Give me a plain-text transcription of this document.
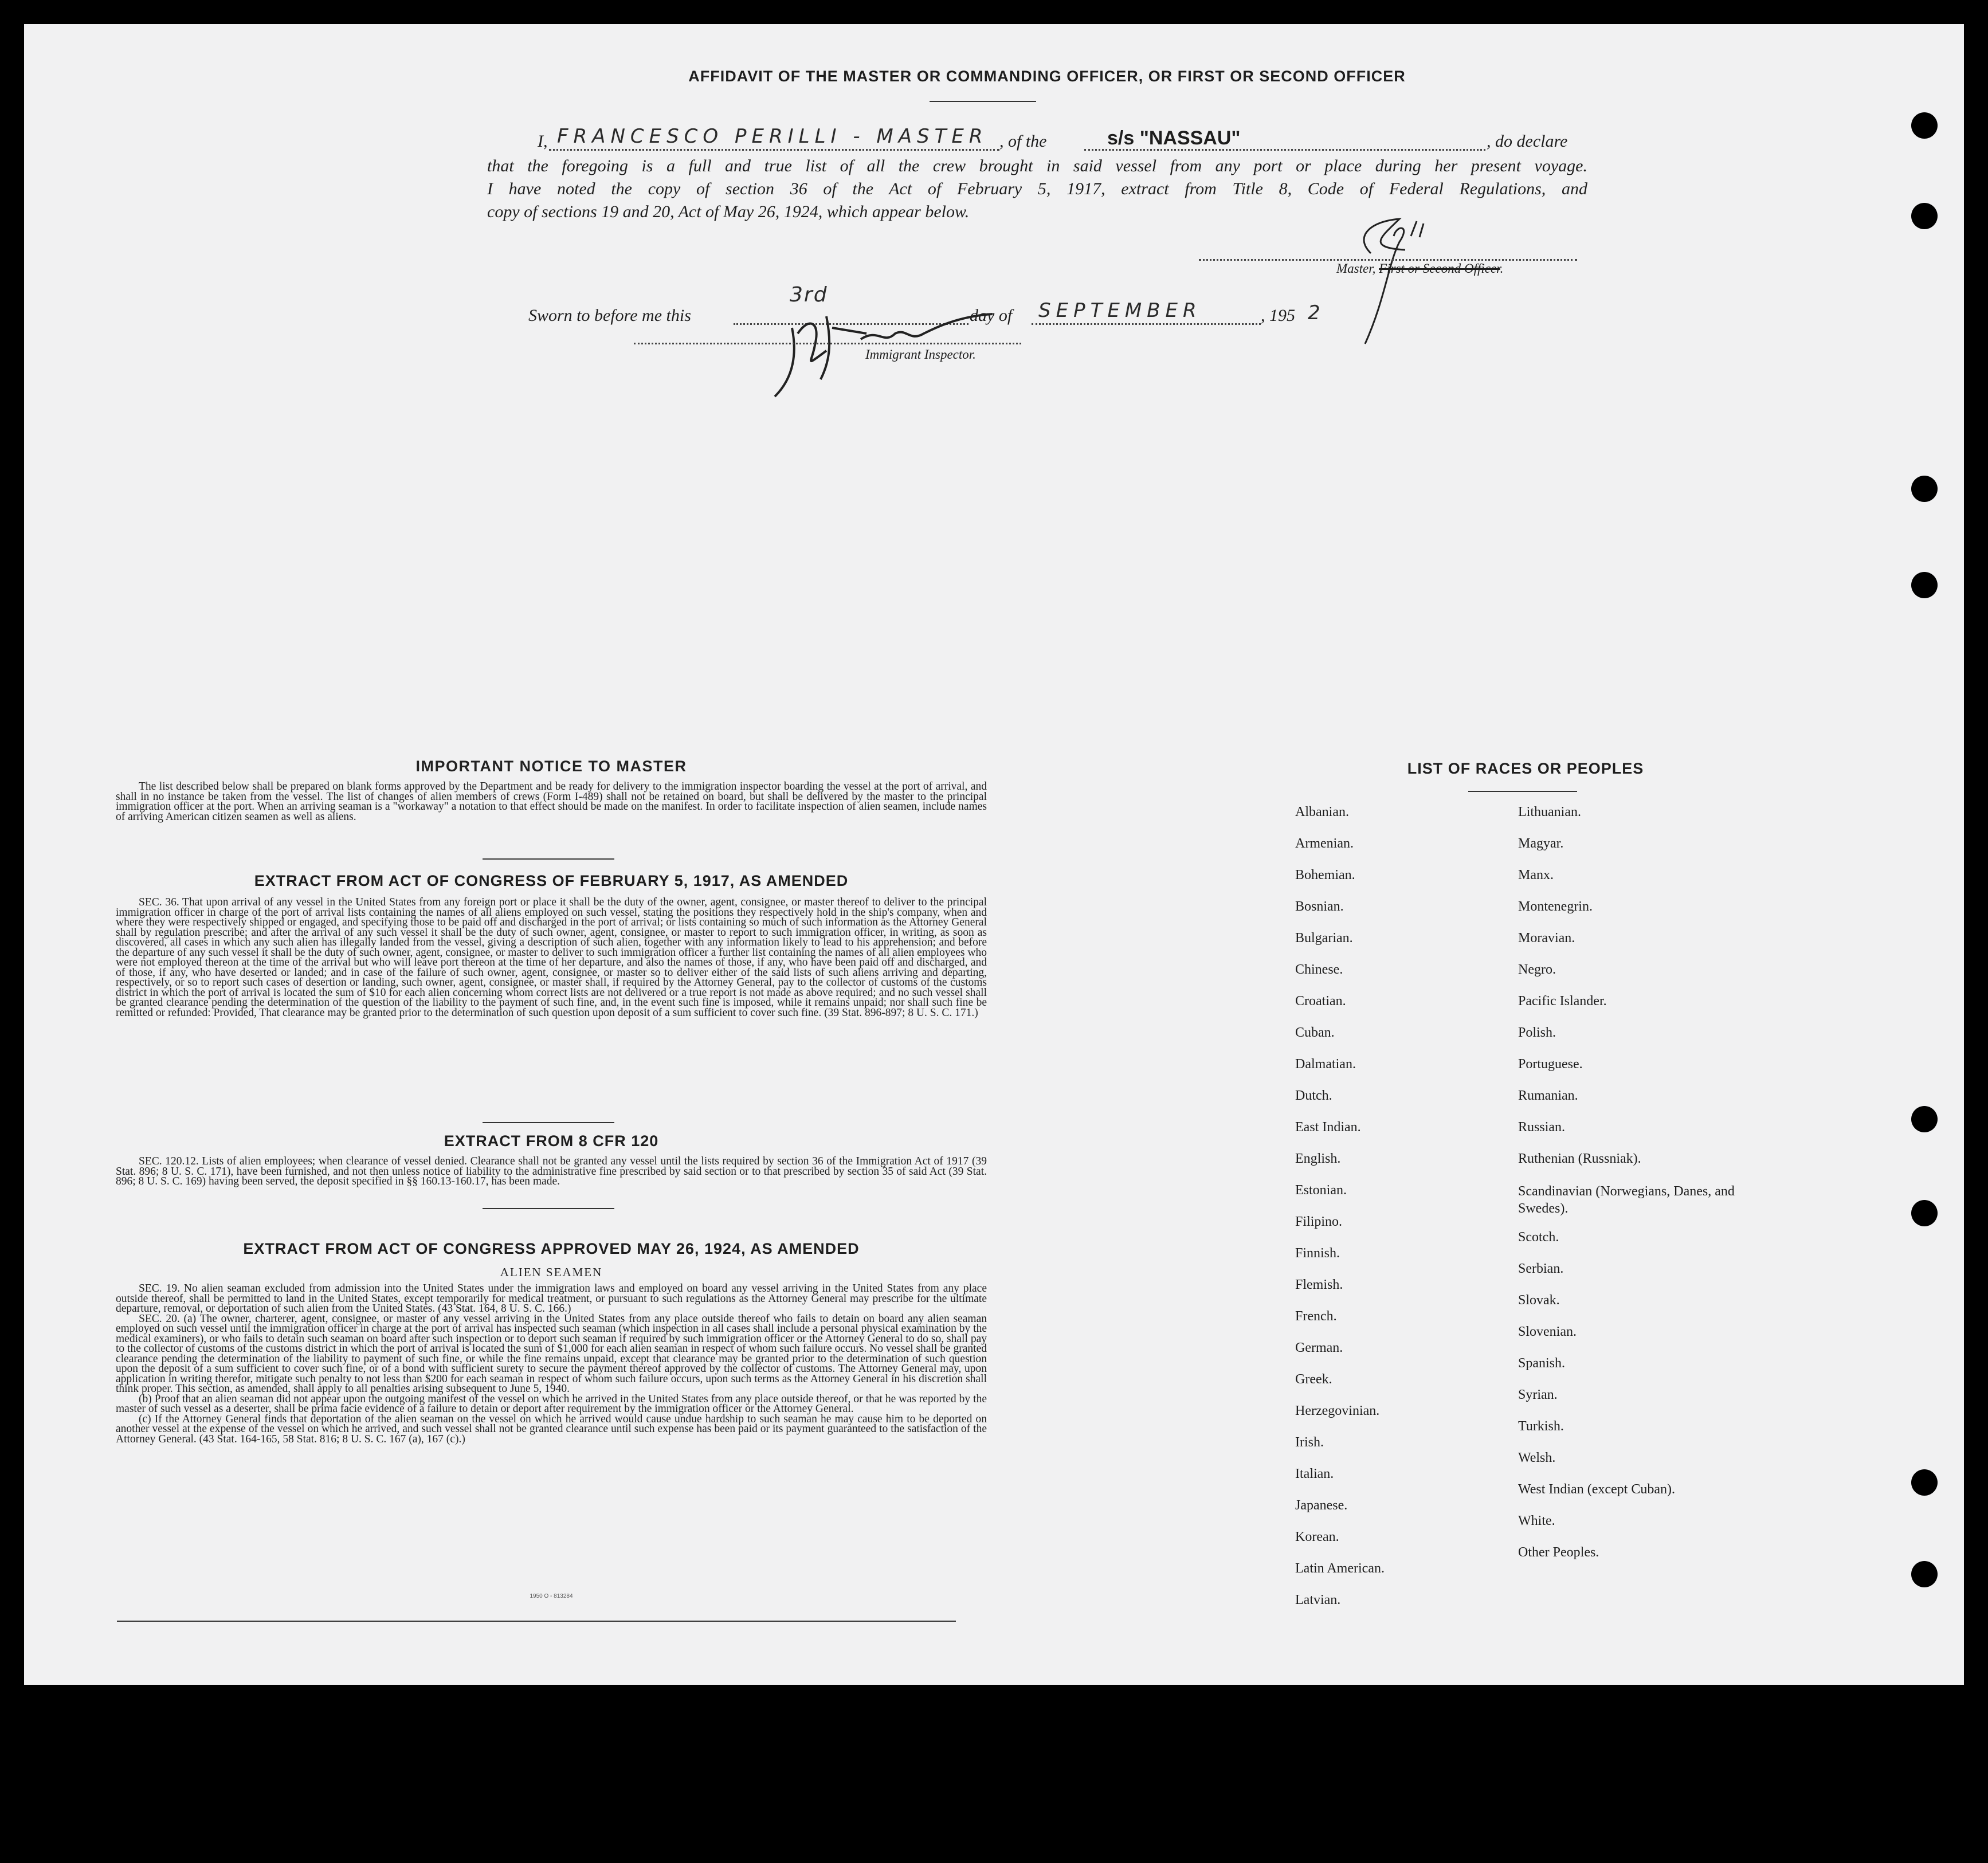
AFFIDAVIT OF THE MASTER OR COMMANDING OFFICER, OR FIRST OR SECOND OFFICER
I, FRANCESCO PERILLI - MASTER , of the	s/s "NASSAU"	, do declare
that the foregoing is a full and true list of all the crew brought in said vessel from any port or place during her present voyage.
I have noted the copy of section 36 of the Act of February 5, 1917, extract from Title 8, Code of Federal Regulations, and
copy of sections 19 and 20, Act of May 26, 1924, which appear below.
Master, First or Second Officer.
Sworn to before me this
3rd
day of SEPTEMBER	, 195 2
Immigrant Inspector.
IMPORTANT NOTICE TO MASTER
The list described below shall be prepared on blank forms approved by the Department and be ready for delivery to the immigration inspector boarding the vessel at the port of arrival, and shall in no instance be taken from the vessel. The list of changes of alien members of crews (Form I-489) shall not be retained on board, but shall be delivered by the master to the principal immigration officer at the port. When an arriving seaman is a "workaway" a notation to that effect should be made on the manifest. In order to facilitate inspection of alien seamen, include names of arriving American citizen seamen as well as aliens.
EXTRACT FROM ACT OF CONGRESS OF FEBRUARY 5, 1917, AS AMENDED
SEC. 36. That upon arrival of any vessel in the United States from any foreign port or place it shall be the duty of the owner, agent, consignee, or master thereof to deliver to the principal immigration officer in charge of the port of arrival lists containing the names of all aliens employed on such vessel, stating the positions they respectively hold in the ship's company, when and where they were respectively shipped or engaged, and specifying those to be paid off and discharged in the port of arrival; or lists containing so much of such information as the Attorney General shall by regulation prescribe; and after the arrival of any such vessel it shall be the duty of such owner, agent, consignee, or master to report to such immigration officer, in writing, as soon as discovered, all cases in which any such alien has illegally landed from the vessel, giving a description of such alien, together with any information likely to lead to his apprehension; and before the departure of any such vessel it shall be the duty of such owner, agent, consignee, or master to deliver to such immigration officer a further list containing the names of all alien employees who were not employed thereon at the time of the arrival but who will leave port thereon at the time of her departure, and also the names of those, if any, who have been paid off and discharged, and of those, if any, who have deserted or landed; and in case of the failure of such owner, agent, consignee, or master so to deliver either of the said lists of such aliens arriving and departing, respectively, or so to report such cases of desertion or landing, such owner, agent, consignee, or master shall, if required by the Attorney General, pay to the collector of customs of the customs district in which the port of arrival is located the sum of $10 for each alien concerning whom correct lists are not delivered or a true report is not made as above required; and no such vessel shall be granted clearance pending the determination of the question of the liability to the payment of such fine, and, in the event such fine is imposed, while it remains unpaid; nor shall such fine be remitted or refunded: Provided, That clearance may be granted prior to the determination of such question upon deposit of a sum sufficient to cover such fine. (39 Stat. 896-897; 8 U. S. C. 171.)
EXTRACT FROM 8 CFR 120
SEC. 120.12. Lists of alien employees; when clearance of vessel denied. Clearance shall not be granted any vessel until the lists required by section 36 of the Immigration Act of 1917 (39 Stat. 896; 8 U. S. C. 171), have been furnished, and not then unless notice of liability to the administrative fine prescribed by said section or to that prescribed by section 35 of said Act (39 Stat. 896; 8 U. S. C. 169) having been served, the deposit specified in §§ 160.13-160.17, has been made.
EXTRACT FROM ACT OF CONGRESS APPROVED MAY 26, 1924, AS AMENDED
ALIEN SEAMEN

SEC. 19. No alien seaman excluded from admission into the United States under the immigration laws and employed on board any vessel arriving in the United States from any place outside thereof, shall be permitted to land in the United States, except temporarily for medical treatment, or pursuant to such regulations as the Attorney General may prescribe for the ultimate departure, removal, or deportation of such alien from the United States. (43 Stat. 164, 8 U. S. C. 166.)

SEC. 20. (a) The owner, charterer, agent, consignee, or master of any vessel arriving in the United States from any place outside thereof who fails to detain on board any alien seaman employed on such vessel until the immigration officer in charge at the port of arrival has inspected such seaman (which inspection in all cases shall include a personal physical examination by the medical examiners), or who fails to detain such seaman on board after such inspection or to deport such seaman if required by such immigration officer or the Attorney General to do so, shall pay to the collector of customs of the customs district in which the port of arrival is located the sum of $1,000 for each alien seaman in respect of whom such failure occurs. No vessel shall be granted clearance pending the determination of the liability to payment of such fine, or while the fine remains unpaid, except that clearance may be granted prior to the determination of such question upon the deposit of a sum sufficient to cover such fine, or of a bond with sufficient surety to secure the payment thereof approved by the collector of customs. The Attorney General may, upon application in writing therefor, mitigate such penalty to not less than $200 for each seaman in respect of whom such failure occurs, upon such terms as the Attorney General in his discretion shall think proper. This section, as amended, shall apply to all penalties arising subsequent to June 5, 1940.

(b) Proof that an alien seaman did not appear upon the outgoing manifest of the vessel on which he arrived in the United States from any place outside thereof, or that he was reported by the master of such vessel as a deserter, shall be prima facie evidence of a failure to detain or deport after requirement by the immigration officer or the Attorney General.

(c) If the Attorney General finds that deportation of the alien seaman on the vessel on which he arrived would cause undue hardship to such seaman he may cause him to be deported on another vessel at the expense of the vessel on which he arrived, and such vessel shall not be granted clearance until such expense has been paid or its payment guaranteed to the satisfaction of the Attorney General. (43 Stat. 164-165, 58 Stat. 816; 8 U. S. C. 167 (a), 167 (c).)

1950 O - 813284
LIST OF RACES OR PEOPLES
Albanian.
Armenian.
Bohemian.
Bosnian.
Bulgarian.
Chinese.
Croatian.
Cuban.
Dalmatian.
Dutch.
East Indian.
English.
Estonian.
Filipino.
Finnish.
Flemish.
French.
German.
Greek.
Herzegovinian.
Irish.
Italian.
Japanese.
Korean.
Latin American.
Latvian.
Lithuanian.
Magyar.
Manx.
Montenegrin.
Moravian.
Negro.
Pacific Islander.
Polish.
Portuguese.
Rumanian.
Russian.
Ruthenian (Russniak).
Scandinavian (Norwegians, Danes, and Swedes).
Scotch.
Serbian.
Slovak.
Slovenian.
Spanish.
Syrian.
Turkish.
Welsh.
West Indian (except Cuban).
White.
Other Peoples.
